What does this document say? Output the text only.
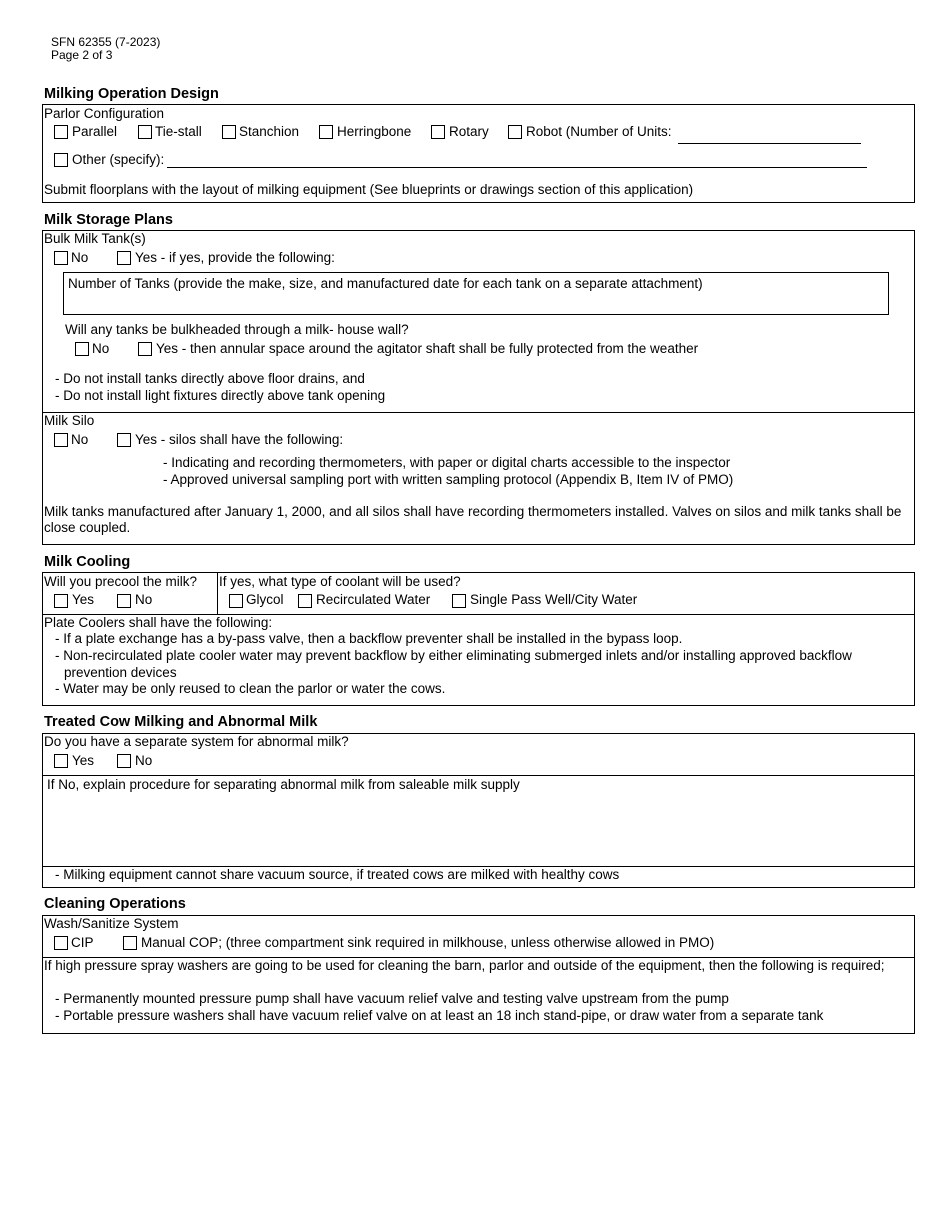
SFN 62355 (7-2023)
Page 2 of 3
Milking Operation Design
Parlor Configuration
Parallel	Tie-stall	Stanchion	Herringbone	Rotary	Robot (Number of Units:
Other (specify):
Submit floorplans with the layout of milking equipment (See blueprints or drawings section of this application)
Milk Storage Plans
Bulk Milk Tank(s)
No	Yes - if yes, provide the following:
Number of Tanks (provide the make, size, and manufactured date for each tank on a separate attachment)
Will any tanks be bulkheaded through a milk- house wall?
No	Yes - then annular space around the agitator shaft shall be fully protected from the weather
- Do not install tanks directly above floor drains, and
- Do not install light fixtures directly above tank opening
Milk Silo
No	Yes - silos shall have the following:
- Indicating and recording thermometers, with paper or digital charts accessible to the inspector
- Approved universal sampling port with written sampling protocol (Appendix B, Item IV of PMO)
Milk tanks manufactured after January 1, 2000, and all silos shall have recording thermometers installed. Valves on silos and milk tanks shall be close coupled.
Milk Cooling
Will you precool the milk?
Yes	No
If yes, what type of coolant will be used?
Glycol Recirculated Water	Single Pass Well/City Water
Plate Coolers shall have the following:
- If a plate exchange has a by-pass valve, then a backflow preventer shall be installed in the bypass loop.
- Non-recirculated plate cooler water may prevent backflow by either eliminating submerged inlets and/or installing approved backflow
prevention devices
- Water may be only reused to clean the parlor or water the cows.
Treated Cow Milking and Abnormal Milk
Do you have a separate system for abnormal milk?
Yes	No
If No, explain procedure for separating abnormal milk from saleable milk supply
- Milking equipment cannot share vacuum source, if treated cows are milked with healthy cows
Cleaning Operations
Wash/Sanitize System
CIP	Manual COP; (three compartment sink required in milkhouse, unless otherwise allowed in PMO)
If high pressure spray washers are going to be used for cleaning the barn, parlor and outside of the equipment, then the following is required;
- Permanently mounted pressure pump shall have vacuum relief valve and testing valve upstream from the pump
- Portable pressure washers shall have vacuum relief valve on at least an 18 inch stand-pipe, or draw water from a separate tank
